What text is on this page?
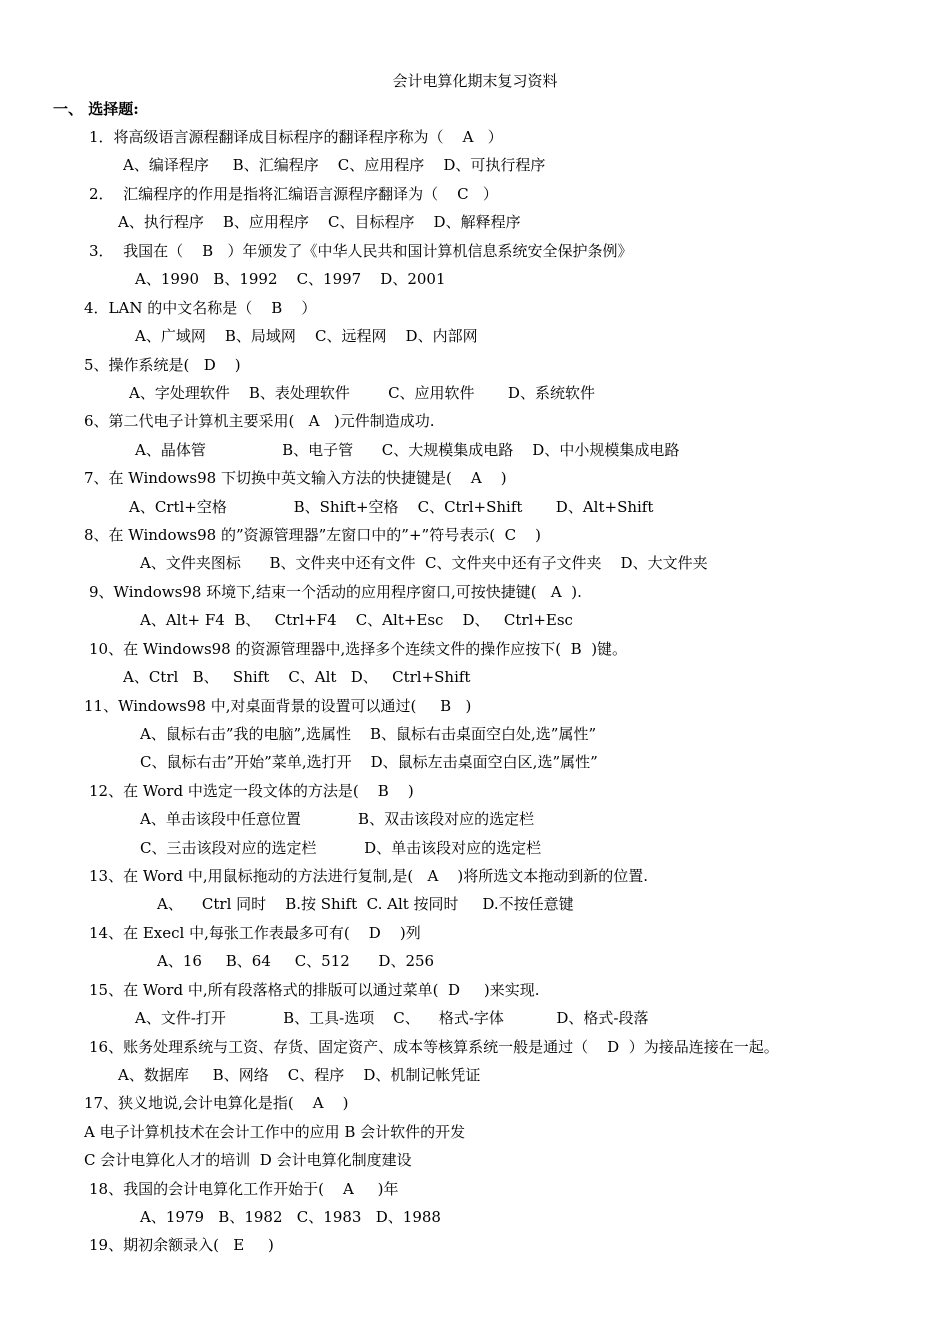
会计电算化期末复习资料
一、 选择题:
1．将高级语言源程翻译成目标程序的翻译程序称为（    A   ）
A、编译程序     B、汇编程序    C、应用程序    D、可执行程序
2．  汇编程序的作用是指将汇编语言源程序翻译为（    C   ）
A、执行程序    B、应用程序    C、目标程序    D、解释程序
3．  我国在（    B   ）年颁发了《中华人民共和国计算机信息系统安全保护条例》
A、1990   B、1992    C、1997    D、2001
4．LAN 的中文名称是（    B    ）
A、广域网    B、局域网    C、远程网    D、内部网
5、操作系统是(   D    )
A、字处理软件    B、表处理软件        C、应用软件       D、系统软件
6、第二代电子计算机主要采用(   A   )元件制造成功.
A、晶体管                B、电子管      C、大规模集成电路    D、中小规模集成电路
7、在 Windows98 下切换中英文输入方法的快捷键是(    A    )
A、Crtl+空格              B、Shift+空格    C、Ctrl+Shift       D、Alt+Shift
8、在 Windows98 的”资源管理器”左窗口中的”+”符号表示(  C    )
A、文件夹图标      B、文件夹中还有文件  C、文件夹中还有子文件夹    D、大文件夹
9、Windows98 环境下,结束一个活动的应用程序窗口,可按快捷键(   A  ).
A、Alt+ F4  B、   Ctrl+F4    C、Alt+Esc    D、   Ctrl+Esc
10、在 Windows98 的资源管理器中,选择多个连续文件的操作应按下(  B  )键。
A、Ctrl   B、   Shift    C、Alt   D、   Ctrl+Shift
11、Windows98 中,对桌面背景的设置可以通过(     B   )
A、鼠标右击”我的电脑”,选属性    B、鼠标右击桌面空白处,选”属性”
C、鼠标右击”开始”菜单,选打开    D、鼠标左击桌面空白区,选”属性”
12、在 Word 中选定一段文体的方法是(    B    )
A、单击该段中任意位置            B、双击该段对应的选定栏
C、三击该段对应的选定栏          D、单击该段对应的选定栏
13、在 Word 中,用鼠标拖动的方法进行复制,是(   A    )将所选文本拖动到新的位置.
A、    Ctrl 同时    B.按 Shift  C. Alt 按同时     D.不按任意键
14、在 Execl 中,每张工作表最多可有(    D    )列
A、16     B、64     C、512      D、256
15、在 Word 中,所有段落格式的排版可以通过菜单(  D     )来实现.
A、文件-打开            B、工具-选项    C、    格式-字体           D、格式-段落
16、账务处理系统与工资、存货、固定资产、成本等核算系统一般是通过（    D  ）为接品连接在一起。
A、数据库     B、网络    C、程序    D、机制记帐凭证
17、狭义地说,会计电算化是指(    A    )
A 电子计算机技术在会计工作中的应用 B 会计软件的开发
C 会计电算化人才的培训  D 会计电算化制度建设
18、我国的会计电算化工作开始于(    A     )年
A、1979   B、1982   C、1983   D、1988
19、期初余额录入(   E     )
